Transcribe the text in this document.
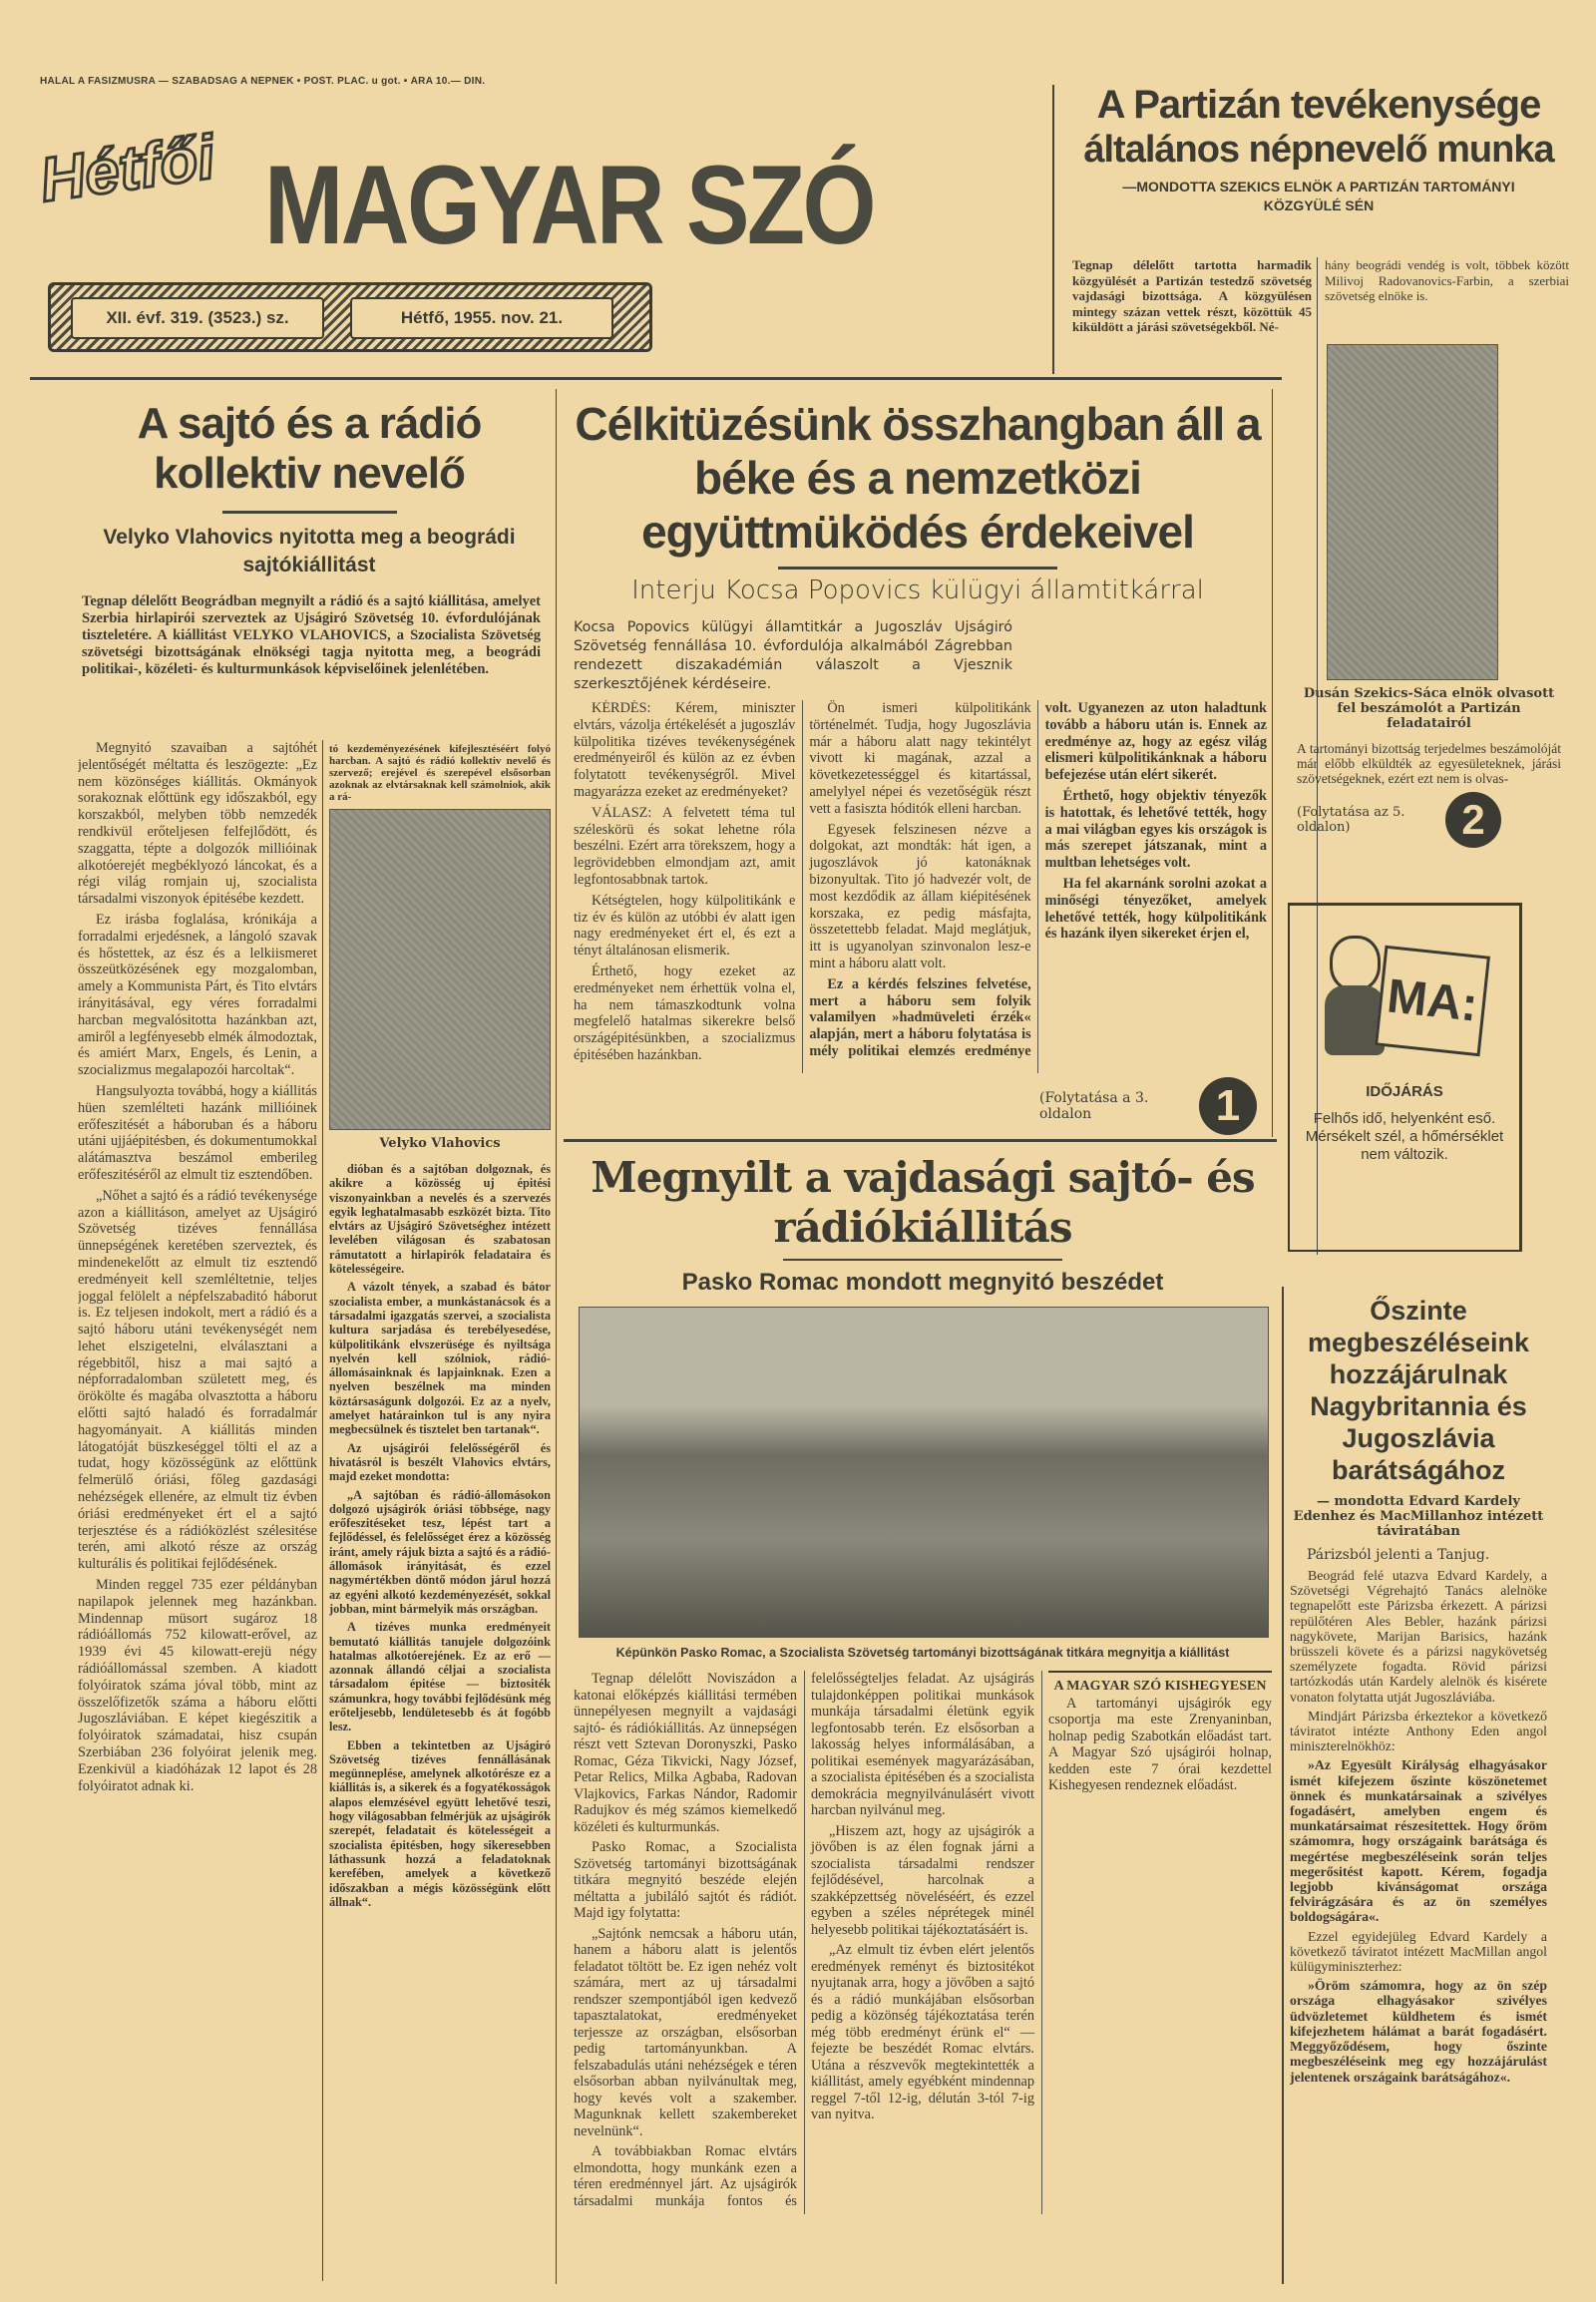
HALÁL A FASIZMUSRA — SZABADSÁG A NÉPNEK • POŠT. PLAĆ. u got. • ÁRA 10.— DIN.
Hétfői MAGYAR SZÓ
XII. évf. 319. (3523.) sz.	Hétfő, 1955. nov. 21.
A Partizán tevékenysége
általános népnevelő munka
—MONDOTTA SZEKICS ELNÖK A PARTIZÁN TARTOMÁNYI KÖZGYÜLÉ SÉN
Tegnap délelőtt tartotta harmadik közgyülését a Partizán testedző szövetség vajdasági bizottsága. A közgyülésen mintegy százan vettek részt, közöttük 45 kiküldött a járási szövetségekből. Né-
hány beográdi vendég is volt, többek között Milivoj Radovanovics-Farbin, a szerbiai szövetség elnöke is.
Dusán Szekics-Sáca elnök olvasott fel beszámolót a Partizán feladatairól
A tartományi bizottság terjedelmes beszámolóját már előbb elküldték az egyesületeknek, járási szövetségeknek, ezért ezt nem is olvas-
(Folytatása az 5. oldalon)	2
MA:
IDŐJÁRÁS
Felhős idő, helyenként eső. Mérsékelt szél, a hőmérséklet nem változik.
Őszinte megbeszéléseink hozzájárulnak Nagybritannia és Jugoszlávia barátságához
— mondotta Edvard Kardely Edenhez és MacMillanhoz intézett táviratában
Párizsból jelenti a Tanjug.

Beográd felé utazva Edvard Kardely, a Szövetségi Végrehajtó Tanács alelnöke tegnapelőtt este Párizsba érkezett. A párizsi repülőtéren Ales Bebler, hazánk párizsi nagykövete, Marijan Barisics, hazánk brüsszeli követe és a párizsi nagykövetség személyzete fogadta. Rövid párizsi tartózkodás után Kardely alelnök és kisérete vonaton folytatta utját Jugoszláviába.

Mindjárt Párizsba érkeztekor a következő táviratot intézte Anthony Eden angol miniszterelnökhöz:

»Az Egyesült Királyság elhagyásakor ismét kifejezem őszinte köszönetemet önnek és munkatársainak a szivélyes fogadásért, amelyben engem és munkatársaimat részesitettek. Hogy őröm számomra, hogy országaink barátsága és megértése megbeszéléseink során teljes megerősitést kapott. Kérem, fogadja legjobb kivánságomat országa felvirágzására és az ön személyes boldogságára«.

Ezzel egyidejüleg Edvard Kardely a következő táviratot intézett MacMillan angol külügyminiszterhez:

»Öröm számomra, hogy az ön szép országa elhagyásakor szivélyes üdvözletemet küldhetem és ismét kifejezhetem hálámat a barát fogadásért. Meggyőződésem, hogy őszinte megbeszéléseink meg egy hozzájárulást jelentenek országaink barátságához«.

A sajtó és a rádió kollektiv nevelő
Velyko Vlahovics nyitotta meg a beográdi sajtókiállitást
Tegnap délelőtt Beográdban megnyilt a rádió és a sajtó kiállitása, amelyet Szerbia hirlapirói szerveztek az Ujságiró Szövetség 10. évfordulójának tiszteletére. A kiállitást VELYKO VLAHOVICS, a Szocialista Szövetség szövetségi bizottságának elnökségi tagja nyitotta meg, a beográdi politikai-, közéleti- és kulturmunkások képviselőinek jelenlétében.

Megnyitó szavaiban a sajtóhét jelentőségét méltatta és leszögezte: „Ez nem közönséges kiállitás. Okmányok sorakoznak előttünk egy időszakból, egy korszakból, melyben több nemzedék rendkivül erőteljesen felfejlődött, és szaggatta, tépte a dolgozók millióinak alkotóerejét megbéklyozó láncokat, és a régi világ romjain uj, szocialista társadalmi viszonyok épitésébe kezdett.

Ez irásba foglalása, krónikája a forradalmi erjedésnek, a lángoló szavak és hőstettek, az ész és a lelkiismeret összeütközésének egy mozgalomban, amely a Kommunista Párt, és Tito elvtárs irányitásával, egy véres forradalmi harcban megvalósitotta hazánkban azt, amiről a legfényesebb elmék álmodoztak, és amiért Marx, Engels, és Lenin, a szocializmus megalapozói harcoltak“.

Hangsulyozta továbbá, hogy a kiállitás hüen szemlélteti hazánk millióinek erőfeszitését a háboruban és a háboru utáni ujjáépitésben, és dokumentumokkal alátámasztva beszámol emberileg erőfeszitéséről az elmult tiz esztendőben.

„Nőhet a sajtó és a rádió tevékenysége azon a kiállitáson, amelyet az Ujságiró Szövetség tizéves fennállása ünnepségének keretében szerveztek, és mindenekelőtt az elmult tiz esztendő eredményeit kell szemléltetnie, teljes joggal felölelt a népfelszabaditó háborut is. Ez teljesen indokolt, mert a rádió és a sajtó háboru utáni tevékenységét nem lehet elszigetelni, elválasztani a régebbitől, hisz a mai sajtó a népforradalomban született meg, és örökölte és magába olvasztotta a háboru előtti sajtó haladó és forradalmár hagyományait. A kiállitás minden látogatóját büszkeséggel tölti el az a tudat, hogy közösségünk az előttünk felmerülő óriási, főleg gazdasági nehézségek ellenére, az elmult tiz évben óriási eredményeket ért el a sajtó terjesztése és a rádióközlést szélesitése terén, ami alkotó része az ország kulturális és politikai fejlődésének.

Minden reggel 735 ezer példányban napilapok jelennek meg hazánkban. Mindennap müsort sugároz 18 rádióállomás 752 kilowatt-erővel, az 1939 évi 45 kilowatt-erejü négy rádióállomással szemben. A kiadott folyóiratok száma jóval több, mint az összelőfizetők száma a háboru előtti Jugoszláviában. E képet kiegészitik a folyóiratok számadatai, hisz csupán Szerbiában 236 folyóirat jelenik meg. Ezenkivül a kiadóházak 12 lapot és 28 folyóiratot adnak ki.

tó kezdeményezésének kifejlesztéséért folyó harcban. A sajtó és rádió kollektiv nevelő és szervező; erejével és szerepével elsősorban azoknak az elvtársaknak kell számolniok, akik a rá-
Velyko Vlahovics

dióban és a sajtóban dolgoznak, és akikre a közösség uj épitési viszonyainkban a nevelés és a szervezés egyik leghatalmasabb eszközét bizta. Tito elvtárs az Ujságiró Szövetséghez intézett levelében világosan és szabatosan rámutatott a hirlapirók feladataira és kötelességeire.

A vázolt tények, a szabad és bátor szocialista ember, a munkástanácsok és a társadalmi igazgatás szervei, a szocialista kultura sarjadása és terebélyesedése, külpolitikánk elvszerüsége és nyiltsága nyelvén kell szólniok, rádió-állomásainknak és lapjainknak. Ezen a nyelven beszélnek ma minden köztársaságunk dolgozói. Ez az a nyelv, amelyet határainkon tul is any nyira megbecsülnek és tisztelet ben tartanak“.

Az ujságirói felelősségéről és hivatásról is beszélt Vlahovics elvtárs, majd ezeket mondotta:

„A sajtóban és rádió-állomásokon dolgozó ujságirók óriási többsége, nagy erőfeszitéseket tesz, lépést tart a fejlődéssel, és felelősséget érez a közösség iránt, amely rájuk bizta a sajtó és a rádió-állomások irányitását, és ezzel nagymértékben döntő módon járul hozzá az egyéni alkotó kezdeményezését, sokkal jobban, mint bármelyik más országban.

A tizéves munka eredményeit bemutató kiállitás tanujele dolgozóink hatalmas alkotóerejének. Ez az erő — azonnak állandó céljai a szocialista társadalom épitése — biztositék számunkra, hogy további fejlődésünk még erőteljesebb, lendületesebb és át fogóbb lesz.

Ebben a tekintetben az Ujságiró Szövetség tizéves fennállásának megünneplése, amelynek alkotórésze ez a kiállitás is, a sikerek és a fogyatékosságok alapos elemzésével együtt lehetővé teszi, hogy világosabban felmérjük az ujságirók szerepét, feladatait és kötelességeit a szocialista épitésben, hogy sikeresebben láthassunk hozzá a feladatoknak kerefében, amelyek a következő időszakban a mégis közösségünk előtt állnak“.

Célkitüzésünk összhangban áll a béke és a nemzetközi együttmüködés érdekeivel
Interju Kocsa Popovics külügyi államtitkárral
Kocsa Popovics külügyi államtitkár a Jugoszláv Ujságiró Szövetség fennállása 10. évfordulója alkalmából Zágrebban rendezett diszakadémián válaszolt a Vjesznik szerkesztőjének kérdéseire.

KÉRDÉS: Kérem, miniszter elvtárs, vázolja értékelését a jugoszláv külpolitika tizéves tevékenységének eredményeiről és külön az ez évben folytatott tevékenységről. Mivel magyarázza ezeket az eredményeket?

VÁLASZ: A felvetett téma tul széleskörü és sokat lehetne róla beszélni. Ezért arra törekszem, hogy a legrövidebben elmondjam azt, amit legfontosabbnak tartok.

Kétségtelen, hogy külpolitikánk e tiz év és külön az utóbbi év alatt igen nagy eredményeket ért el, és ezt a tényt általánosan elismerik.

Érthető, hogy ezeket az eredményeket nem érhettük volna el, ha nem támaszkodtunk volna megfelelő hatalmas sikerekre belső országépitésünkben, a szocializmus épitésében hazánkban.

Ön ismeri külpolitikánk történelmét. Tudja, hogy Jugoszlávia már a háboru alatt nagy tekintélyt vivott ki magának, azzal a következetességgel és kitartással, amelylyel népei és vezetőségük részt vett a fasiszta hóditók elleni harcban.

Egyesek felszinesen nézve a dolgokat, azt mondták: hát igen, a jugoszlávok jó katonáknak bizonyultak. Tito jó hadvezér volt, de most kezdődik az állam kiépitésének korszaka, ez pedig másfajta, összetettebb feladat. Majd meglátjuk, itt is ugyanolyan szinvonalon lesz-e mint a háboru alatt volt.

Ez a kérdés felszines felvetése, mert a háboru sem folyik valamilyen »hadmüveleti érzék« alapján, mert a háboru folytatása is mély politikai elemzés eredménye volt. Ugyanezen az uton haladtunk tovább a háboru után is. Ennek az eredménye az, hogy az egész világ elismeri külpolitikánknak a háboru befejezése után elért sikerét.

Érthető, hogy objektiv tényezők is hatottak, és lehetővé tették, hogy a mai világban egyes kis országok is más szerepet játszanak, mint a multban lehetséges volt.

Ha fel akarnánk sorolni azokat a minőségi tényezőket, amelyek lehetővé tették, hogy külpolitikánk és hazánk ilyen sikereket érjen el,

(Folytatása a 3. oldalon	1
Megnyilt a vajdasági sajtó- és rádiókiállitás
Pasko Romac mondott megnyitó beszédet
Képünkön Pasko Romac, a Szocialista Szövetség tartományi bizottságának titkára megnyitja a kiállitást

Tegnap délelőtt Noviszádon a katonai előképzés kiállitási termében ünnepélyesen megnyilt a vajdasági sajtó- és rádiókiállitás. Az ünnepségen részt vett Sztevan Doronyszki, Pasko Romac, Géza Tikvicki, Nagy József, Petar Relics, Milka Agbaba, Radovan Vlajkovics, Farkas Nándor, Radomir Radujkov és még számos kiemelkedő közéleti és kulturmunkás.

Pasko Romac, a Szocialista Szövetség tartományi bizottságának titkára megnyitó beszéde elején méltatta a jubiláló sajtót és rádiót. Majd igy folytatta:

„Sajtónk nemcsak a háboru után, hanem a háboru alatt is jelentős feladatot töltött be. Ez igen nehéz volt számára, mert az uj társadalmi rendszer szempontjából igen kedvező tapasztalatokat, eredményeket terjessze az országban, elsősorban pedig tartományunkban. A felszabadulás utáni nehézségek e téren elsősorban abban nyilvánultak meg, hogy kevés volt a szakember. Magunknak kellett szakembereket nevelnünk“.

A továbbiakban Romac elvtárs elmondotta, hogy munkánk ezen a téren eredménnyel járt. Az ujságirók társadalmi munkája fontos és felelősségteljes feladat. Az ujságirás tulajdonképpen politikai munkások munkája társadalmi életünk egyik legfontosabb terén. Ez elsősorban a lakosság helyes informálásában, a politikai események magyarázásában, a szocialista épitésében és a szocialista demokrácia megnyilvánulásért vivott harcban nyilvánul meg.

„Hiszem azt, hogy az ujságirók a jövőben is az élen fognak járni a szocialista társadalmi rendszer fejlődésével, harcolnak a szakképzettség növeléséért, és ezzel egyben a széles néprétegek minél helyesebb politikai tájékoztatásáért is.

„Az elmult tiz évben elért jelentős eredmények reményt és biztositékot nyujtanak arra, hogy a jövőben a sajtó és a rádió munkájában elsősorban pedig a közönség tájékoztatása terén még több eredményt érünk el“ — fejezte be beszédét Romac elvtárs. Utána a részvevők megtekintették a kiállitást, amely egyébként mindennap reggel 7-től 12-ig, délután 3-tól 7-ig van nyitva.

A MAGYAR SZÓ KISHEGYESEN

A tartományi ujságirók egy csoportja ma este Zrenyaninban, holnap pedig Szabotkán előadást tart. A Magyar Szó ujságirói holnap, kedden este 7 órai kezdettel Kishegyesen rendeznek előadást.
